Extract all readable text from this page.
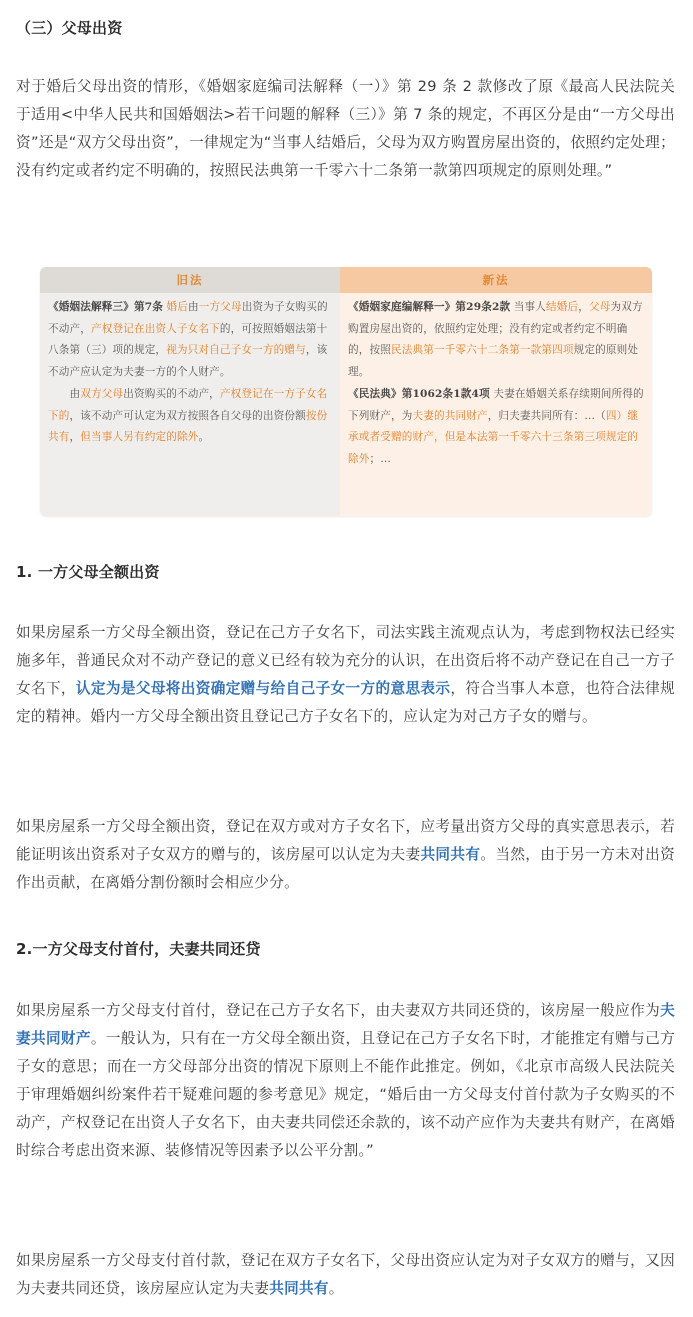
（三）父母出资

对于婚后父母出资的情形，《婚姻家庭编司法解释（一）》第 29 条 2 款修改了原《最高人民法院关于适用<中华人民共和国婚姻法>若干问题的解释（三）》第 7 条的规定，不再区分是由“一方父母出资”还是“双方父母出资”，一律规定为“当事人结婚后，父母为双方购置房屋出资的，依照约定处理；没有约定或者约定不明确的，按照民法典第一千零六十二条第一款第四项规定的原则处理。”

旧法
《婚姻法解释三》第7条 婚后由一方父母出资为子女购买的不动产，产权登记在出资人子女名下的，可按照婚姻法第十八条第（三）项的规定，视为只对自己子女一方的赠与，该不动产应认定为夫妻一方的个人财产。
　　由双方父母出资购买的不动产，产权登记在一方子女名下的，该不动产可认定为双方按照各自父母的出资份额按份共有，但当事人另有约定的除外。
新法
《婚姻家庭编解释一》第29条2款 当事人结婚后，父母为双方购置房屋出资的，依照约定处理；没有约定或者约定不明确的，按照民法典第一千零六十二条第一款第四项规定的原则处理。
《民法典》第1062条1款4项 夫妻在婚姻关系存续期间所得的下列财产，为夫妻的共同财产，归夫妻共同所有：…（四）继承或者受赠的财产，但是本法第一千零六十三条第三项规定的除外；…
1. 一方父母全额出资

如果房屋系一方父母全额出资，登记在己方子女名下，司法实践主流观点认为，考虑到物权法已经实施多年，普通民众对不动产登记的意义已经有较为充分的认识，在出资后将不动产登记在自己一方子女名下，认定为是父母将出资确定赠与给自己子女一方的意思表示，符合当事人本意，也符合法律规定的精神。婚内一方父母全额出资且登记己方子女名下的，应认定为对己方子女的赠与。

如果房屋系一方父母全额出资，登记在双方或对方子女名下，应考量出资方父母的真实意思表示，若能证明该出资系对子女双方的赠与的，该房屋可以认定为夫妻共同共有。当然，由于另一方未对出资作出贡献，在离婚分割份额时会相应少分。

2.一方父母支付首付，夫妻共同还贷

如果房屋系一方父母支付首付，登记在己方子女名下，由夫妻双方共同还贷的，该房屋一般应作为夫妻共同财产。一般认为，只有在一方父母全额出资，且登记在己方子女名下时，才能推定有赠与己方子女的意思；而在一方父母部分出资的情况下原则上不能作此推定。例如，《北京市高级人民法院关于审理婚姻纠纷案件若干疑难问题的参考意见》规定，“婚后由一方父母支付首付款为子女购买的不动产，产权登记在出资人子女名下，由夫妻共同偿还余款的，该不动产应作为夫妻共有财产，在离婚时综合考虑出资来源、装修情况等因素予以公平分割。”

如果房屋系一方父母支付首付款，登记在双方子女名下，父母出资应认定为对子女双方的赠与，又因为夫妻共同还贷，该房屋应认定为夫妻共同共有。
